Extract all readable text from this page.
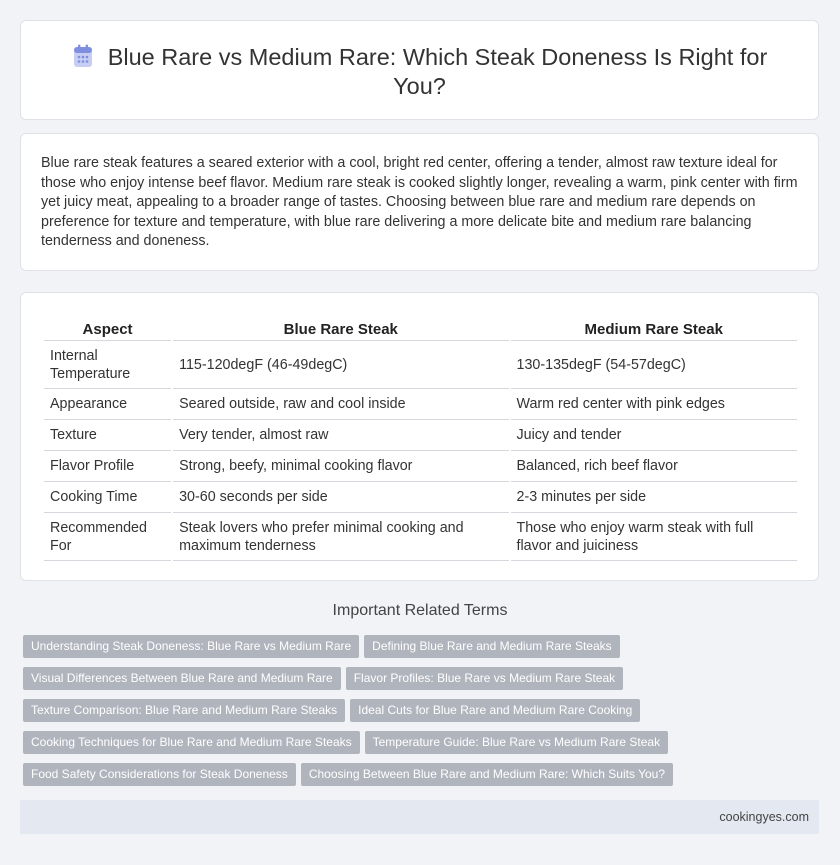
Blue Rare vs Medium Rare: Which Steak Doneness Is Right for You?
Blue rare steak features a seared exterior with a cool, bright red center, offering a tender, almost raw texture ideal for those who enjoy intense beef flavor. Medium rare steak is cooked slightly longer, revealing a warm, pink center with firm yet juicy meat, appealing to a broader range of tastes. Choosing between blue rare and medium rare depends on preference for texture and temperature, with blue rare delivering a more delicate bite and medium rare balancing tenderness and doneness.
Aspect	Blue Rare Steak	Medium Rare Steak
Internal Temperature	115-120degF (46-49degC)	130-135degF (54-57degC)
Appearance	Seared outside, raw and cool inside	Warm red center with pink edges
Texture	Very tender, almost raw	Juicy and tender
Flavor Profile	Strong, beefy, minimal cooking flavor	Balanced, rich beef flavor
Cooking Time	30-60 seconds per side	2-3 minutes per side
Recommended For	Steak lovers who prefer minimal cooking and maximum tenderness	Those who enjoy warm steak with full flavor and juiciness
Important Related Terms
Understanding Steak Doneness: Blue Rare vs Medium Rare Defining Blue Rare and Medium Rare Steaks
Visual Differences Between Blue Rare and Medium Rare Flavor Profiles: Blue Rare vs Medium Rare Steak
Texture Comparison: Blue Rare and Medium Rare Steaks Ideal Cuts for Blue Rare and Medium Rare Cooking
Cooking Techniques for Blue Rare and Medium Rare Steaks Temperature Guide: Blue Rare vs Medium Rare Steak
Food Safety Considerations for Steak Doneness Choosing Between Blue Rare and Medium Rare: Which Suits You?
cookingyes.com
